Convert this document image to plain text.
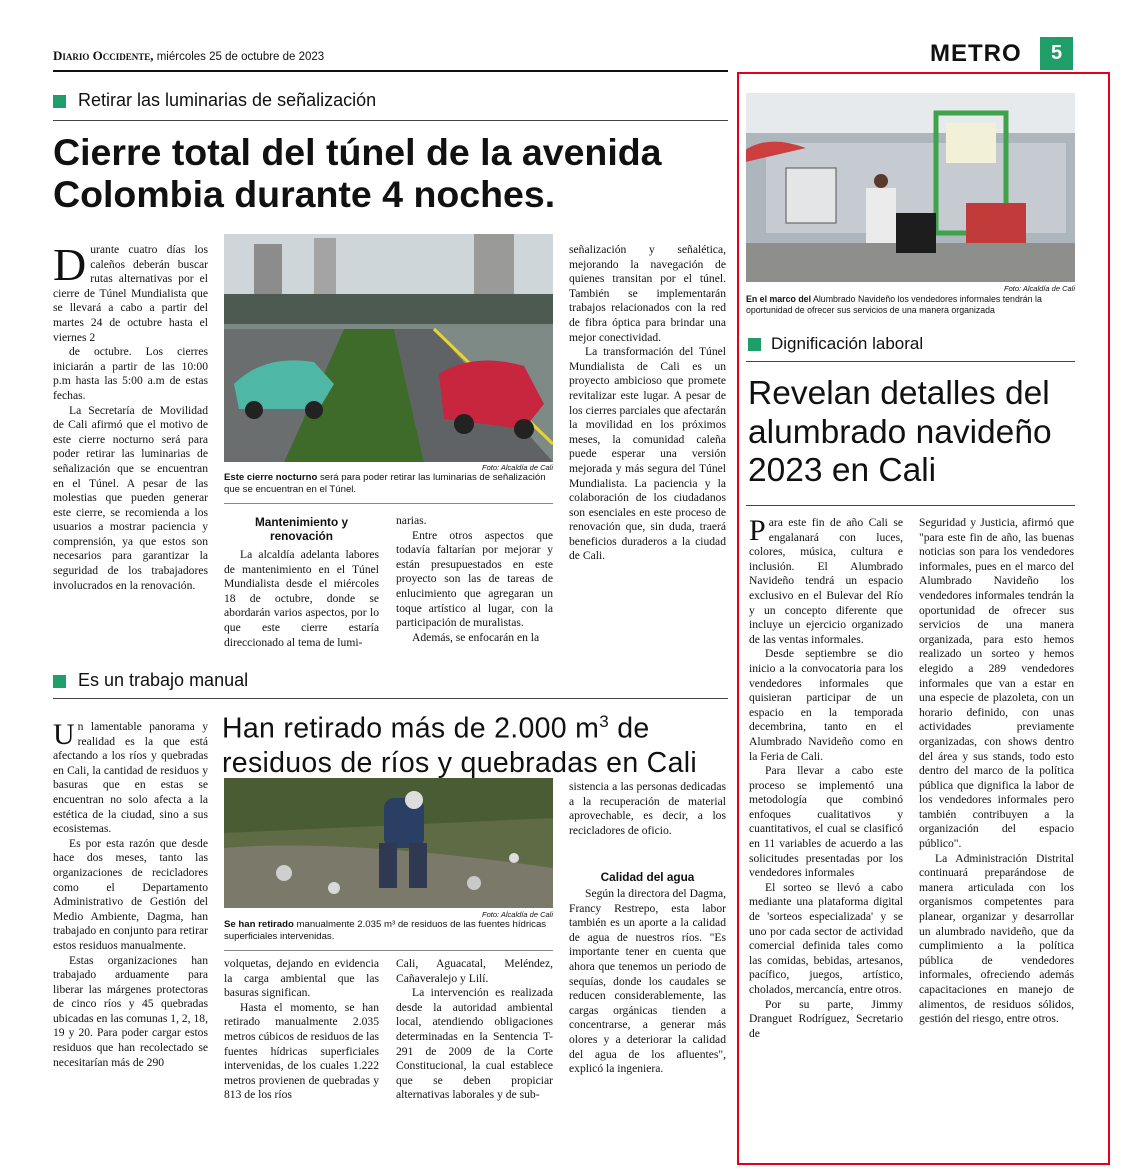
Diario Occidente, miércoles 25 de octubre de 2023	METRO	5
Retirar las luminarias de señalización
Cierre total del túnel de la avenida Colombia durante 4 noches.
D urante cuatro días los caleños deberán buscar rutas alternativas por el cierre de Túnel Mundialista que se llevará a cabo a partir del martes 24 de octubre hasta el viernes 2

de octubre. Los cierres iniciarán a partir de las 10:00 p.m hasta las 5:00 a.m de estas fechas.

La Secretaría de Movilidad de Cali afirmó que el motivo de este cierre nocturno será para poder retirar las luminarias de señalización que se encuentran en el Túnel. A pesar de las molestias que pueden generar este cierre, se recomienda a los usuarios a mostrar paciencia y comprensión, ya que estos son necesarios para garantizar la seguridad de los trabajadores involucrados en la renovación.

Foto: Alcaldía de Cali
Este cierre nocturno será para poder retirar las luminarias de señalización que se encuentran en el Túnel.
Mantenimiento y renovación

La alcaldía adelanta labores de mantenimiento en el Túnel Mundialista desde el miércoles 18 de octubre, donde se abordarán varios aspectos, por lo que este cierre estaría direccionado al tema de lumi-

narias.

Entre otros aspectos que todavía faltarían por mejorar y están presupuestados en este proyecto son las de tareas de enlucimiento que agregaran un toque artístico al lugar, con la participación de muralistas.

Además, se enfocarán en la

señalización y señalética, mejorando la navegación de quienes transitan por el túnel. También se implementarán trabajos relacionados con la red de fibra óptica para brindar una mejor conectividad.

La transformación del Túnel Mundialista de Cali es un proyecto ambicioso que promete revitalizar este lugar. A pesar de los cierres parciales que afectarán la movilidad en los próximos meses, la comunidad caleña puede esperar una versión mejorada y más segura del Túnel Mundialista. La paciencia y la colaboración de los ciudadanos son esenciales en este proceso de renovación que, sin duda, traerá beneficios duraderos a la ciudad de Cali.

Es un trabajo manual
U n lamentable panorama y realidad es la que está afectando a los ríos y quebradas en Cali, la cantidad de residuos y basuras que en estas se encuentran no solo afecta a la estética de la ciudad, sino a sus ecosistemas.

Es por esta razón que desde hace dos meses, tanto las organizaciones de recicladores como el Departamento Administrativo de Gestión del Medio Ambiente, Dagma, han trabajado en conjunto para retirar estos residuos manualmente.

Estas organizaciones han trabajado arduamente para liberar las márgenes protectoras de cinco ríos y 45 quebradas ubicadas en las comunas 1, 2, 18, 19 y 20. Para poder cargar estos residuos que han recolectado se necesitarían más de 290

Han retirado más de 2.000 $m^3$ de residuos de ríos y quebradas en Cali
Foto: Alcaldía de Cali
Se han retirado manualmente 2.035 m³ de residuos de las fuentes hídricas superficiales intervenidas.

volquetas, dejando en evidencia la carga ambiental que las basuras significan.

Hasta el momento, se han retirado manualmente 2.035 metros cúbicos de residuos de las fuentes hídricas superficiales intervenidas, de los cuales 1.222 metros provienen de quebradas y 813 de los ríos

Cali, Aguacatal, Meléndez, Cañaveralejo y Lilí.

La intervención es realizada desde la autoridad ambiental local, atendiendo obligaciones determinadas en la Sentencia T-291 de 2009 de la Corte Constitucional, la cual establece que se deben propiciar alternativas laborales y de sub-

sistencia a las personas dedicadas a la recuperación de material aprovechable, es decir, a los recicladores de oficio.

Calidad del agua

Según la directora del Dagma, Francy Restrepo, esta labor también es un aporte a la calidad de agua de nuestros ríos. "Es importante tener en cuenta que ahora que tenemos un periodo de sequías, donde los caudales se reducen considerablemente, las cargas orgánicas tienden a concentrarse, a generar más olores y a deteriorar la calidad del agua de los afluentes", explicó la ingeniera.

Foto: Alcaldía de Cali
En el marco del Alumbrado Navideño los vendedores informales tendrán la oportunidad de ofrecer sus servicios de una manera organizada
Dignificación laboral
Revelan detalles del alumbrado navideño 2023 en Cali
P ara este fin de año Cali se engalanará con luces, colores, música, cultura e inclusión. El Alumbrado Navideño tendrá un espacio exclusivo en el Bulevar del Río y un concepto diferente que incluye un ejercicio organizado de las ventas informales.

Desde septiembre se dio inicio a la convocatoria para los vendedores informales que quisieran participar de un espacio en la temporada decembrina, tanto en el Alumbrado Navideño como en la Feria de Cali.

Para llevar a cabo este proceso se implementó una metodología que combinó enfoques cualitativos y cuantitativos, el cual se clasificó en 11 variables de acuerdo a las solicitudes presentadas por los vendedores informales

El sorteo se llevó a cabo mediante una plataforma digital de 'sorteos especializada' y se uno por cada sector de actividad comercial definida tales como las comidas, bebidas, artesanos, pacífico, juegos, artístico, cholados, mercancía, entre otros.

Por su parte, Jimmy Dranguet Rodríguez, Secretario de

Seguridad y Justicia, afirmó que "para este fin de año, las buenas noticias son para los vendedores informales, pues en el marco del Alumbrado Navideño los vendedores informales tendrán la oportunidad de ofrecer sus servicios de una manera organizada, para esto hemos realizado un sorteo y hemos elegido a 289 vendedores informales que van a estar en una especie de plazoleta, con un horario definido, con unas actividades previamente organizadas, con shows dentro del área y sus stands, todo esto dentro del marco de la política pública que dignifica la labor de los vendedores informales pero también contribuyen a la organización del espacio público".

La Administración Distrital continuará preparándose de manera articulada con los organismos competentes para planear, organizar y desarrollar un alumbrado navideño, que da cumplimiento a la política pública de vendedores informales, ofreciendo además capacitaciones en manejo de alimentos, de residuos sólidos, gestión del riesgo, entre otros.
